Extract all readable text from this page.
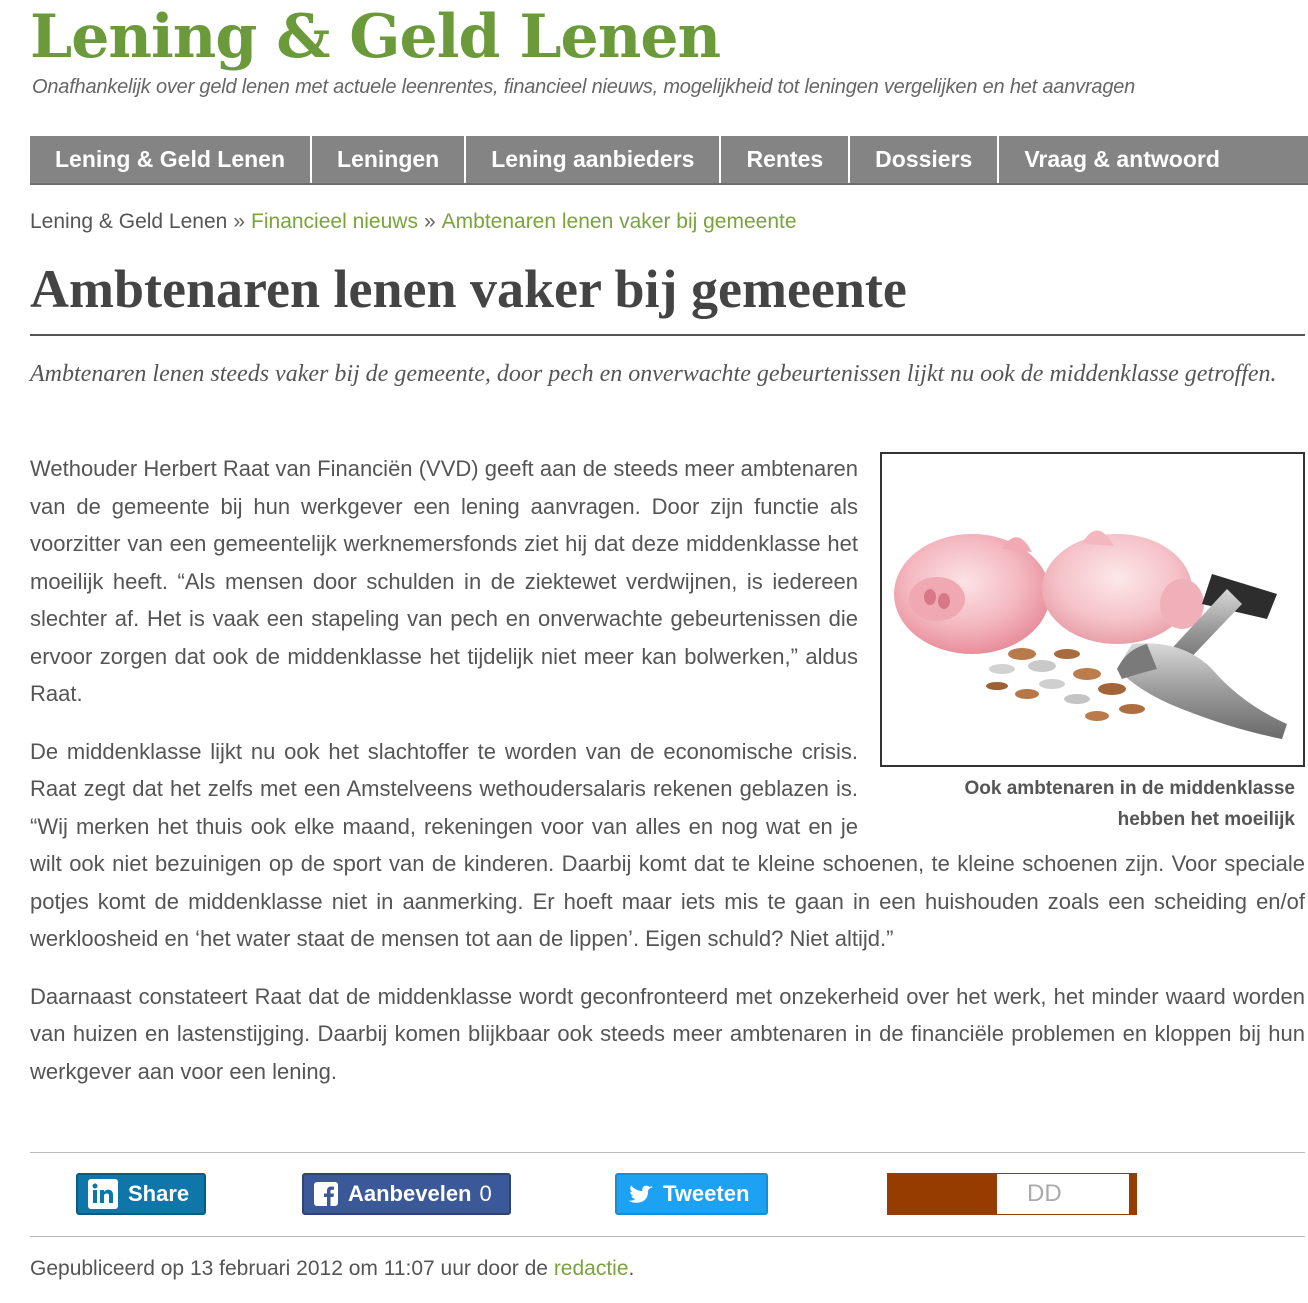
Lening & Geld Lenen
Onafhankelijk over geld lenen met actuele leenrentes, financieel nieuws, mogelijkheid tot leningen vergelijken en het aanvragen
Lening & Geld Lenen	Leningen	Lening aanbieders	Rentes	Dossiers	Vraag & antwoord
Lening & Geld Lenen » Financieel nieuws » Ambtenaren lenen vaker bij gemeente
Ambtenaren lenen vaker bij gemeente
Ambtenaren lenen steeds vaker bij de gemeente, door pech en onverwachte gebeurtenissen lijkt nu ook de middenklasse getroffen.
Ook ambtenaren in de middenklasse
hebben het moeilijk

Wethouder Herbert Raat van Financiën (VVD) geeft aan de steeds meer ambtenaren van de gemeente bij hun werkgever een lening aanvragen. Door zijn functie als voorzitter van een gemeentelijk werknemersfonds ziet hij dat deze middenklasse het moeilijk heeft. “Als mensen door schulden in de ziektewet verdwijnen, is iedereen slechter af. Het is vaak een stapeling van pech en onverwachte gebeurtenissen die ervoor zorgen dat ook de middenklasse het tijdelijk niet meer kan bolwerken,” aldus Raat.

De middenklasse lijkt nu ook het slachtoffer te worden van de economische crisis. Raat zegt dat het zelfs met een Amstelveens wethoudersalaris rekenen geblazen is. “Wij merken het thuis ook elke maand, rekeningen voor van alles en nog wat en je wilt ook niet bezuinigen op de sport van de kinderen. Daarbij komt dat te kleine schoenen, te kleine schoenen zijn. Voor speciale potjes komt de middenklasse niet in aanmerking. Er hoeft maar iets mis te gaan in een huishouden zoals een scheiding en/of werkloosheid en ‘het water staat de mensen tot aan de lippen’. Eigen schuld? Niet altijd.”

Daarnaast constateert Raat dat de middenklasse wordt geconfronteerd met onzekerheid over het werk, het minder waard worden van huizen en lastenstijging. Daarbij komen blijkbaar ook steeds meer ambtenaren in de financiële problemen en kloppen bij hun werkgever aan voor een lening.

Share	Aanbevelen 0	Tweeten	DD
Gepubliceerd op 13 februari 2012 om 11:07 uur door de redactie.
